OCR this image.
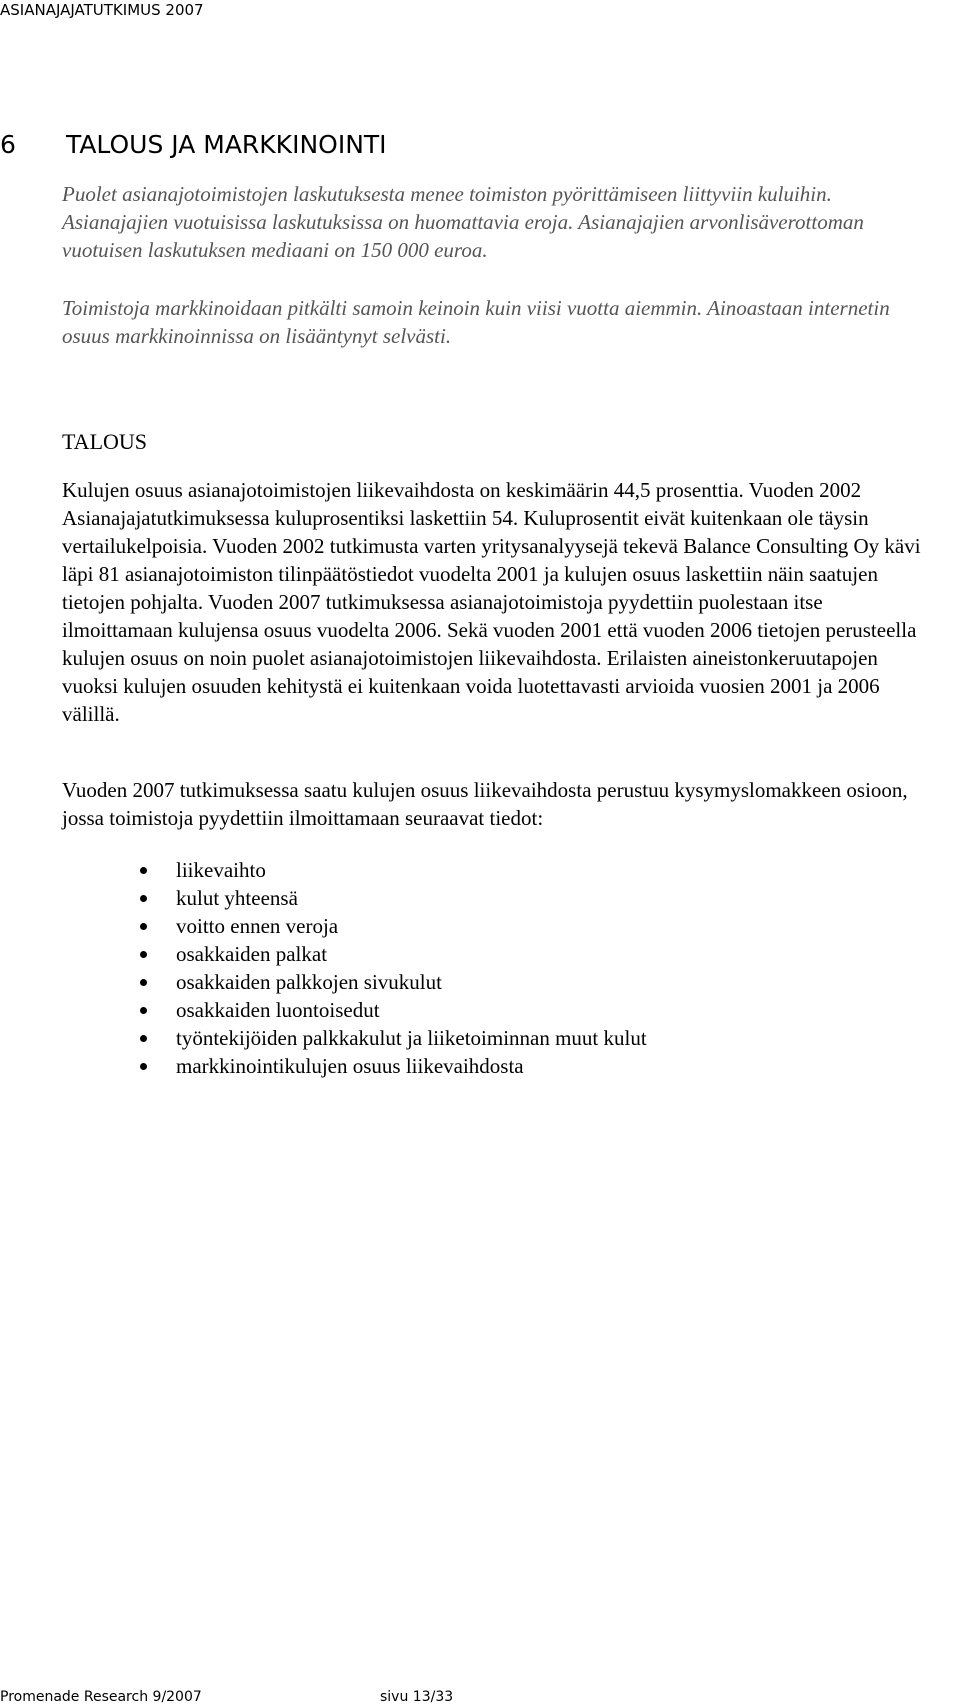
ASIANAJAJATUTKIMUS 2007
6 TALOUS JA MARKKINOINTI

Puolet asianajotoimistojen laskutuksesta menee toimiston pyörittämiseen liittyviin kuluihin. Asianajajien vuotuisissa laskutuksissa on huomattavia eroja. Asianajajien arvonlisäverottoman vuotuisen laskutuksen mediaani on 150 000 euroa.

Toimistoja markkinoidaan pitkälti samoin keinoin kuin viisi vuotta aiemmin. Ainoastaan internetin osuus markkinoinnissa on lisääntynyt selvästi.

TALOUS

Kulujen osuus asianajotoimistojen liikevaihdosta on keskimäärin 44,5 prosenttia. Vuoden 2002 Asianajajatutkimuksessa kuluprosentiksi laskettiin 54. Kuluprosentit eivät kuitenkaan ole täysin vertailukelpoisia. Vuoden 2002 tutkimusta varten yritysanalyysejä tekevä Balance Consulting Oy kävi läpi 81 asianajotoimiston tilinpäätöstiedot vuodelta 2001 ja kulujen osuus laskettiin näin saatujen tietojen pohjalta. Vuoden 2007 tutkimuksessa asianajotoimistoja pyydettiin puolestaan itse ilmoittamaan kulujensa osuus vuodelta 2006. Sekä vuoden 2001 että vuoden 2006 tietojen perusteella kulujen osuus on noin puolet asianajotoimistojen liikevaihdosta. Erilaisten aineistonkeruutapojen vuoksi kulujen osuuden kehitystä ei kuitenkaan voida luotettavasti arvioida vuosien 2001 ja 2006 välillä.

Vuoden 2007 tutkimuksessa saatu kulujen osuus liikevaihdosta perustuu kysymyslomakkeen osioon, jossa toimistoja pyydettiin ilmoittamaan seuraavat tiedot:

liikevaihto
kulut yhteensä
voitto ennen veroja
osakkaiden palkat
osakkaiden palkkojen sivukulut
osakkaiden luontoisedut
työntekijöiden palkkakulut ja liiketoiminnan muut kulut
markkinointikulujen osuus liikevaihdosta
Promenade Research 9/2007	sivu 13/33
